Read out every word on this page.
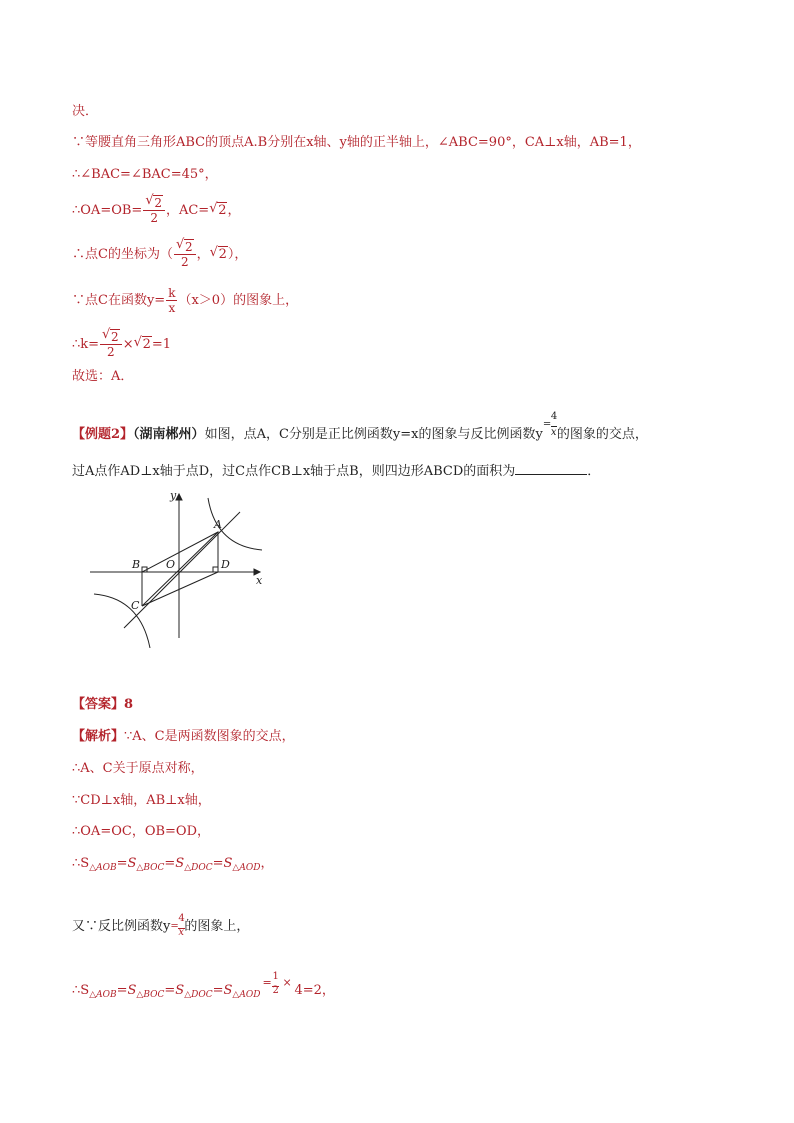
决．
∵等腰直角三角形ABC的顶点A.B分别在x轴、y轴的正半轴上，∠ABC=90°，CA⊥x轴，AB=1，
∴∠BAC=∠BAC=45°，
∴OA=OB= $\frac{√ 2}{2}$ ，AC= √ 2，
∴点C的坐标为（ $\frac{√ 2}{2}$ ， √ 2），
∵点C在函数$y= \frac{k}{x} (x>0)$的图象上，
∴k= $\frac{√ 2}{2}$ × √ 2=1
故选：A．
【例题2】（湖南郴州）如图，点A，C分别是正比例函数y=x的图象与反比例函数y
=
4
x 的图象的交点，
过A点作AD⊥x轴于点D，过C点作CB⊥x轴于点B，则四边形ABCD的面积为	．
y
x
A
B O	D
C
【答案】8
【解析】∵A、C是两函数图象的交点，
∴A、C关于原点对称，
∵CD⊥x轴，AB⊥x轴，
∴OA=OC，OB=OD，
$\therefore S_{\triangle AOB}=S_{\triangle BOC}=S_{\triangle DOC}=S_{\triangle AOD}$，
又∵反比例函数y =
4
x 的图象上，
$\therefore S_{\triangle AOB}=S_{\triangle BOC}=S_{\triangle DOC}=S_{\triangle AOD}$
= 1
2
×
4=2，
